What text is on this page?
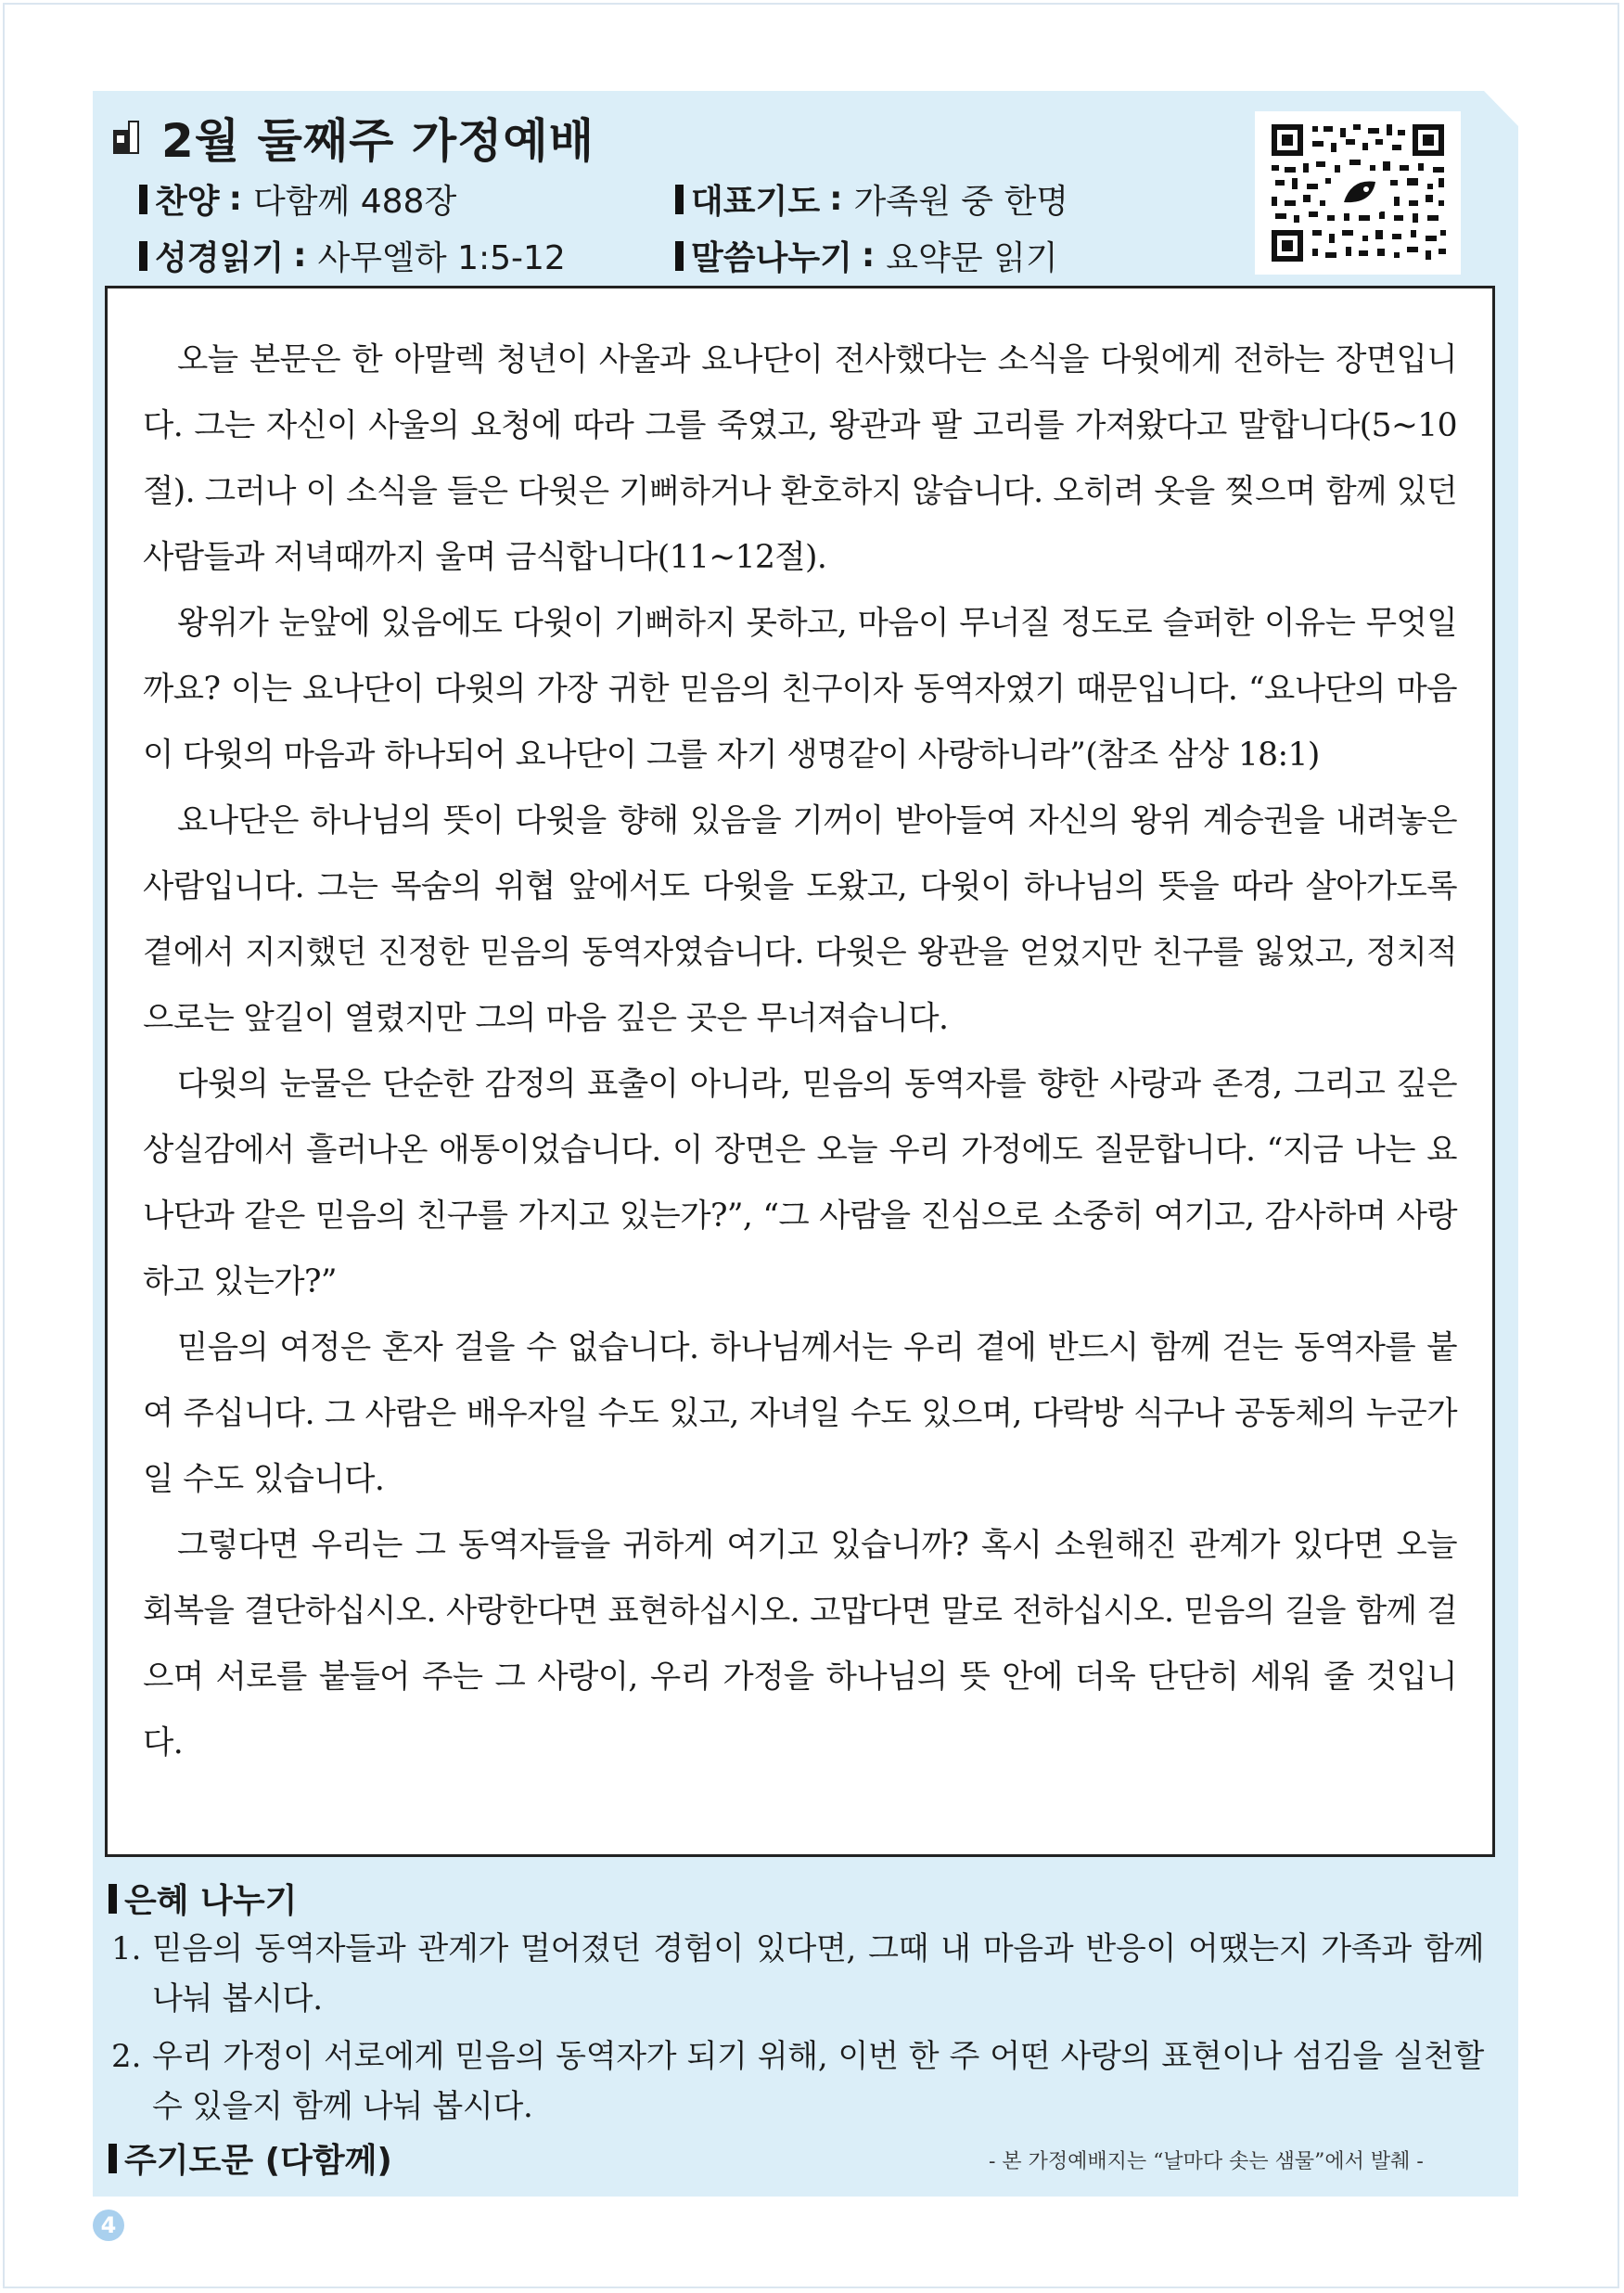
2월 둘째주 가정예배
찬양 : 다함께 488장	대표기도 : 가족원 중 한명
성경읽기 : 사무엘하 1:5-12	말씀나누기 : 요약문 읽기

오늘 본문은 한 아말렉 청년이 사울과 요나단이 전사했다는 소식을 다윗에게 전하는 장면입니다. 그는 자신이 사울의 요청에 따라 그를 죽였고, 왕관과 팔 고리를 가져왔다고 말합니다(5~10절). 그러나 이 소식을 들은 다윗은 기뻐하거나 환호하지 않습니다. 오히려 옷을 찢으며 함께 있던 사람들과 저녁때까지 울며 금식합니다(11~12절).

왕위가 눈앞에 있음에도 다윗이 기뻐하지 못하고, 마음이 무너질 정도로 슬퍼한 이유는 무엇일까요? 이는 요나단이 다윗의 가장 귀한 믿음의 친구이자 동역자였기 때문입니다. “요나단의 마음이 다윗의 마음과 하나되어 요나단이 그를 자기 생명같이 사랑하니라”(참조 삼상 18:1)

요나단은 하나님의 뜻이 다윗을 향해 있음을 기꺼이 받아들여 자신의 왕위 계승권을 내려놓은 사람입니다. 그는 목숨의 위협 앞에서도 다윗을 도왔고, 다윗이 하나님의 뜻을 따라 살아가도록 곁에서 지지했던 진정한 믿음의 동역자였습니다. 다윗은 왕관을 얻었지만 친구를 잃었고, 정치적으로는 앞길이 열렸지만 그의 마음 깊은 곳은 무너져습니다.

다윗의 눈물은 단순한 감정의 표출이 아니라, 믿음의 동역자를 향한 사랑과 존경, 그리고 깊은 상실감에서 흘러나온 애통이었습니다. 이 장면은 오늘 우리 가정에도 질문합니다. “지금 나는 요나단과 같은 믿음의 친구를 가지고 있는가?”, “그 사람을 진심으로 소중히 여기고, 감사하며 사랑하고 있는가?”

믿음의 여정은 혼자 걸을 수 없습니다. 하나님께서는 우리 곁에 반드시 함께 걷는 동역자를 붙여 주십니다. 그 사람은 배우자일 수도 있고, 자녀일 수도 있으며, 다락방 식구나 공동체의 누군가일 수도 있습니다.

그렇다면 우리는 그 동역자들을 귀하게 여기고 있습니까? 혹시 소원해진 관계가 있다면 오늘 회복을 결단하십시오. 사랑한다면 표현하십시오. 고맙다면 말로 전하십시오. 믿음의 길을 함께 걸으며 서로를 붙들어 주는 그 사랑이, 우리 가정을 하나님의 뜻 안에 더욱 단단히 세워 줄 것입니다.

은혜 나누기
1. 믿음의 동역자들과 관계가 멀어졌던 경험이 있다면, 그때 내 마음과 반응이 어땠는지 가족과 함께 나눠 봅시다.
2. 우리 가정이 서로에게 믿음의 동역자가 되기 위해, 이번 한 주 어떤 사랑의 표현이나 섬김을 실천할 수 있을지 함께 나눠 봅시다.
주기도문 (다함께)	- 본 가정예배지는 “날마다 솟는 샘물”에서 발췌 -
4
